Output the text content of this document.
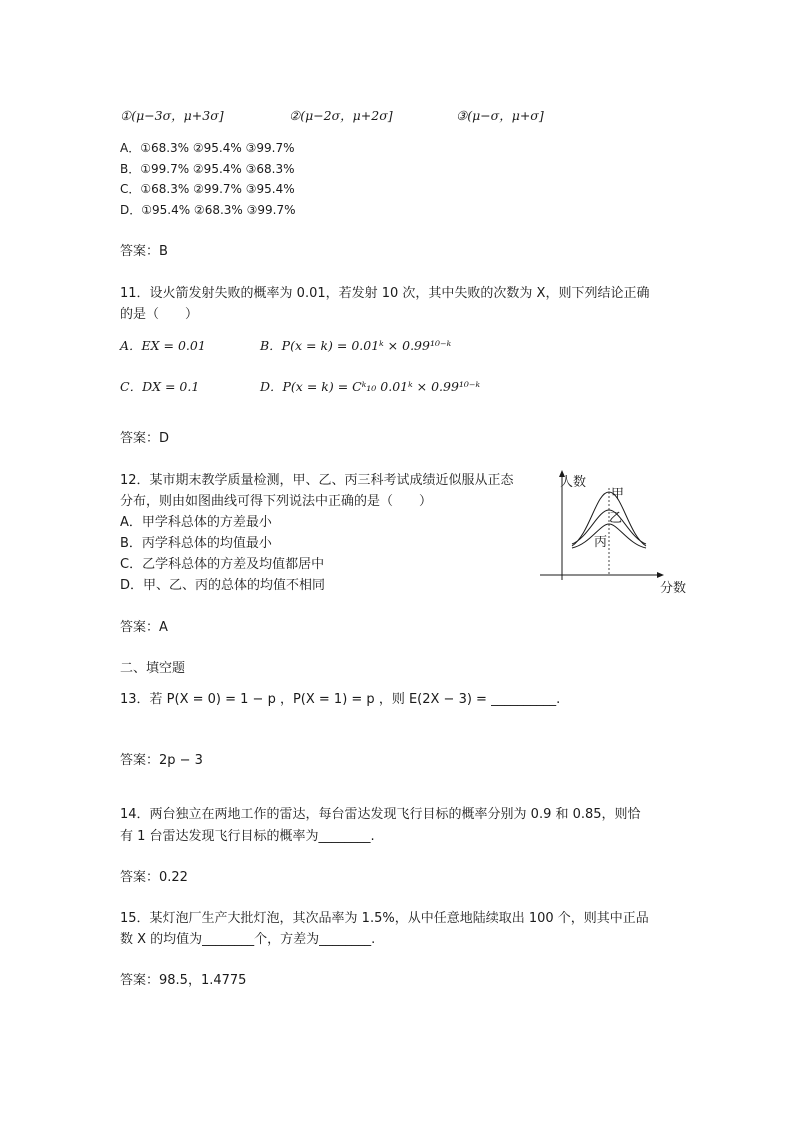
①(μ−3σ，μ+3σ]	②(μ−2σ，μ+2σ]	③(μ−σ，μ+σ]
A．①68.3% ②95.4% ③99.7%
B．①99.7% ②95.4% ③68.3%
C．①68.3% ②99.7% ③95.4%
D．①95.4% ②68.3% ③99.7%
答案：B
11．设火箭发射失败的概率为 0.01，若发射 10 次，其中失败的次数为 X，则下列结论正确
的是（　　）
A．EX = 0.01	B．P(x = k) = 0.01ᵏ × 0.99¹⁰⁻ᵏ
C．DX = 0.1	D．P(x = k) = Cᵏ₁₀ 0.01ᵏ × 0.99¹⁰⁻ᵏ
答案：D
12．某市期末教学质量检测，甲、乙、丙三科考试成绩近似服从正态
分布，则由如图曲线可得下列说法中正确的是（　　）
A．甲学科总体的方差最小
B．丙学科总体的均值最小
C．乙学科总体的方差及均值都居中
D．甲、乙、丙的总体的均值不相同
人数
甲
乙
丙
分数
答案：A
二、填空题
13．若 P(X = 0) = 1 − p ，P(X = 1) = p ，则 E(2X − 3) = __________.
答案：2p − 3
14．两台独立在两地工作的雷达，每台雷达发现飞行目标的概率分别为 0.9 和 0.85，则恰
有 1 台雷达发现飞行目标的概率为________.
答案：0.22
15．某灯泡厂生产大批灯泡，其次品率为 1.5%，从中任意地陆续取出 100 个，则其中正品
数 X 的均值为________个，方差为________.
答案：98.5，1.4775
